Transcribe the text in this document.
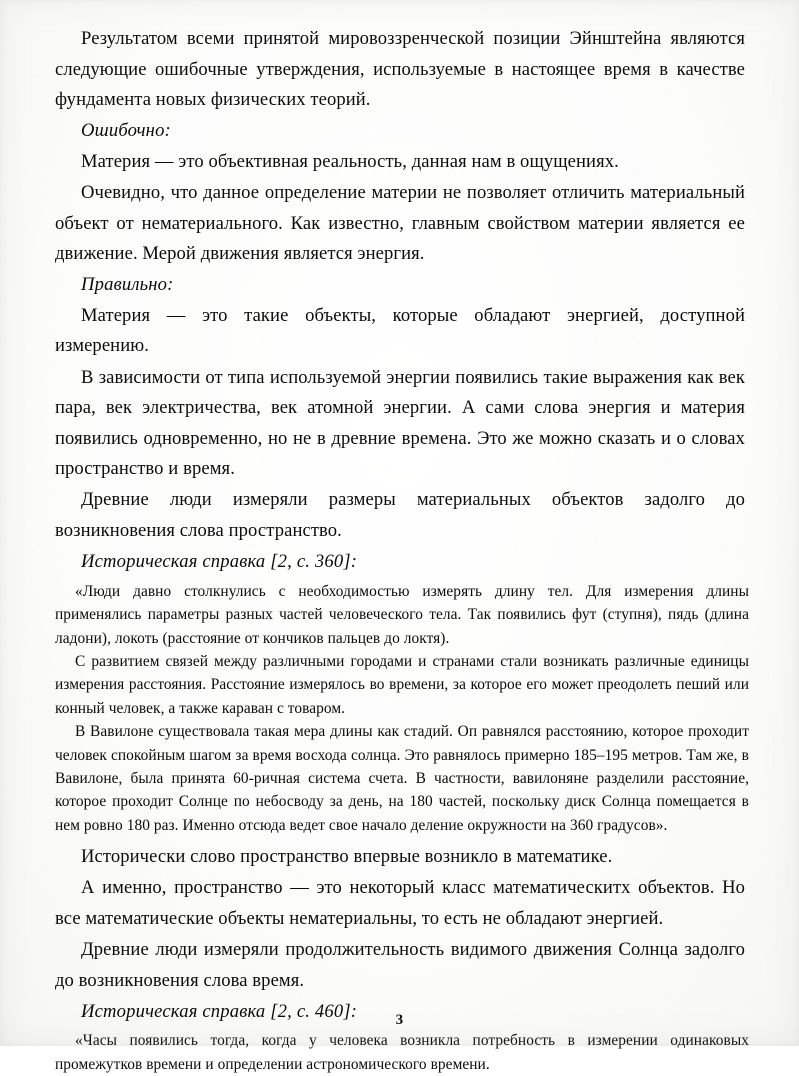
Результатом всеми принятой мировоззренческой позиции Эйнштейна являются следующие ошибочные утверждения, используемые в настоящее время в качестве фундамента новых физических теорий.

Ошибочно:

Материя — это объективная реальность, данная нам в ощущениях.

Очевидно, что данное определение материи не позволяет отличить материальный объект от нематериального. Как известно, главным свойством материи является ее движение. Мерой движения является энергия.

Правильно:

Материя — это такие объекты, которые обладают энергией, доступной измерению.

В зависимости от типа используемой энергии появились такие выражения как век пара, век электричества, век атомной энергии. А сами слова энергия и материя появились одновременно, но не в древние времена. Это же можно сказать и о словах пространство и время.

Древние люди измеряли размеры материальных объектов задолго до возникновения слова пространство.

Историческая справка [2, с. 360]:

«Люди давно столкнулись с необходимостью измерять длину тел. Для измерения длины применялись параметры разных частей человеческого тела. Так появились фут (ступня), пядь (длина ладони), локоть (расстояние от кончиков пальцев до локтя).

С развитием связей между различными городами и странами стали возникать различные единицы измерения расстояния. Расстояние измерялось во времени, за которое его может преодолеть пеший или конный человек, а также караван с товаром.

В Вавилоне существовала такая мера длины как стадий. Оп равнялся расстоянию, которое проходит человек спокойным шагом за время восхода солнца. Это равнялось примерно 185–195 метров. Там же, в Вавилоне, была принята 60-ричная система счета. В частности, вавилоняне разделили расстояние, которое проходит Солнце по небосводу за день, на 180 частей, поскольку диск Солнца помещается в нем ровно 180 раз. Именно отсюда ведет свое начало деление окружности на 360 градусов».

Исторически слово пространство впервые возникло в математике.

А именно, пространство — это некоторый класс математическитх объектов. Но все математические объекты нематериальны, то есть не обладают энергией.

Древние люди измеряли продолжительность видимого движения Солнца задолго до возникновения слова время.

Историческая справка [2, с. 460]:

«Часы появились тогда, когда у человека возникла потребность в измерении одинаковых промежутков времени и определении астрономического времени.

3
